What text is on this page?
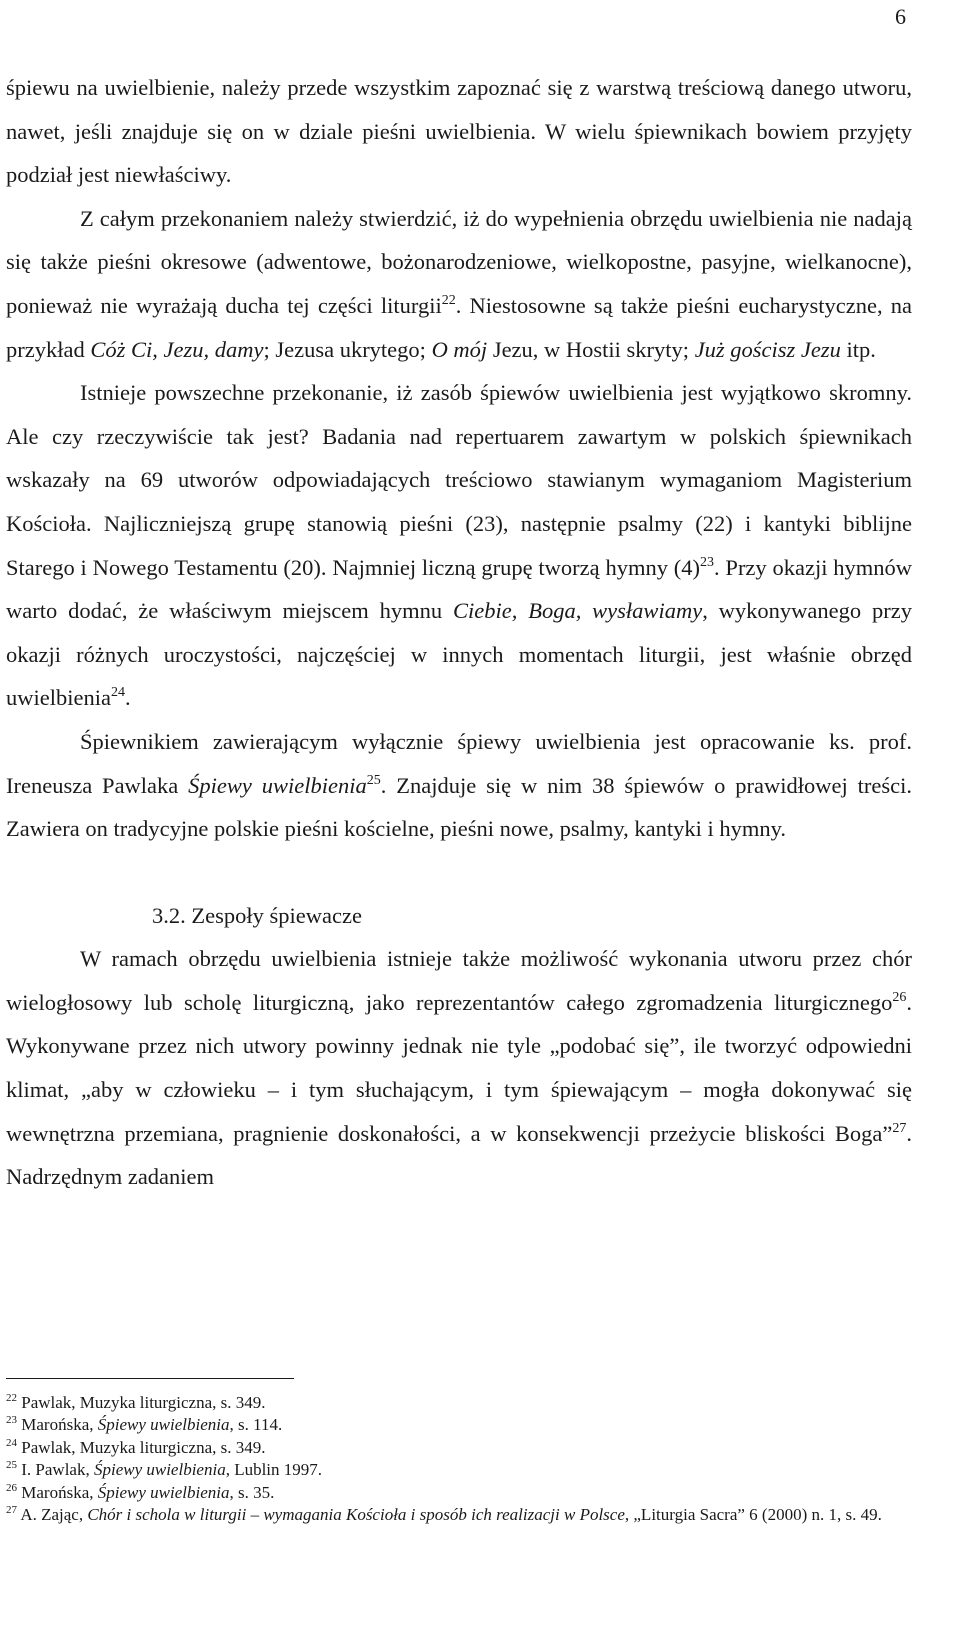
6

śpiewu na uwielbienie, należy przede wszystkim zapoznać się z warstwą treściową danego utworu, nawet, jeśli znajduje się on w dziale pieśni uwielbienia. W wielu śpiewnikach bowiem przyjęty podział jest niewłaściwy.

Z całym przekonaniem należy stwierdzić, iż do wypełnienia obrzędu uwielbienia nie nadają się także pieśni okresowe (adwentowe, bożonarodzeniowe, wielkopostne, pasyjne, wielkanocne), ponieważ nie wyrażają ducha tej części liturgii$^{22}$. Niestosowne są także pieśni eucharystyczne, na przykład Cóż Ci, Jezu, damy; Jezusa ukrytego; O mój Jezu, w Hostii skryty; Już gościsz Jezu itp.

Istnieje powszechne przekonanie, iż zasób śpiewów uwielbienia jest wyjątkowo skromny. Ale czy rzeczywiście tak jest? Badania nad repertuarem zawartym w polskich śpiewnikach wskazały na 69 utworów odpowiadających treściowo stawianym wymaganiom Magisterium Kościoła. Najliczniejszą grupę stanowią pieśni (23), następnie psalmy (22) i kantyki biblijne Starego i Nowego Testamentu (20). Najmniej liczną grupę tworzą hymny $(4)^{23}$. Przy okazji hymnów warto dodać, że właściwym miejscem hymnu Ciebie, Boga, wysławiamy, wykonywanego przy okazji różnych uroczystości, najczęściej w innych momentach liturgii, jest właśnie obrzęd uwielbienia$^{24}$.

Śpiewnikiem zawierającym wyłącznie śpiewy uwielbienia jest opracowanie ks. prof. Ireneusza Pawlaka Śpiewy uwielbienia$^{25}$. Znajduje się w nim 38 śpiewów o prawidłowej treści. Zawiera on tradycyjne polskie pieśni kościelne, pieśni nowe, psalmy, kantyki i hymny.

3.2. Zespoły śpiewacze

W ramach obrzędu uwielbienia istnieje także możliwość wykonania utworu przez chór wielogłosowy lub scholę liturgiczną, jako reprezentantów całego zgromadzenia liturgicznego$^{26}$. Wykonywane przez nich utwory powinny jednak nie tyle „podobać się”, ile tworzyć odpowiedni klimat, „aby w człowieku – i tym słuchającym, i tym śpiewającym – mogła dokonywać się wewnętrzna przemiana, pragnienie doskonałości, a w konsekwencji przeżycie bliskości Boga”$^{27}$. Nadrzędnym zadaniem

$^{22}$ Pawlak, Muzyka liturgiczna, s. 349.

$^{23}$ Marońska, Śpiewy uwielbienia, s. 114.

$^{24}$ Pawlak, Muzyka liturgiczna, s. 349.

$^{25}$ I. Pawlak, Śpiewy uwielbienia, Lublin 1997.

$^{26}$ Marońska, Śpiewy uwielbienia, s. 35.

$^{27}$ A. Zając, Chór i schola w liturgii – wymagania Kościoła i sposób ich realizacji w Polsce, „Liturgia Sacra” 6 (2000) n. 1, s. 49.
